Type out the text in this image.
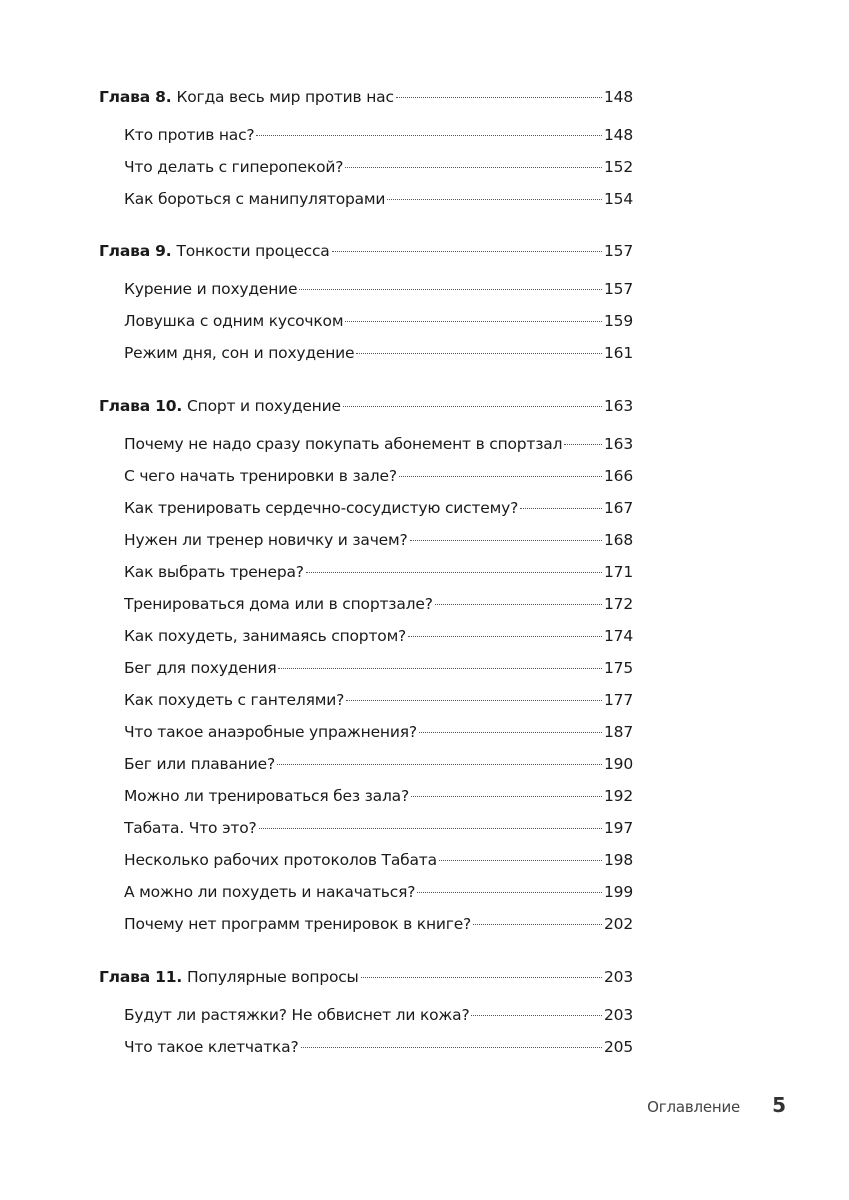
Глава 8. Когда весь мир против нас	148
Кто против нас?	148
Что делать с гиперопекой?	152
Как бороться с манипуляторами	154
Глава 9. Тонкости процесса	157
Курение и похудение	157
Ловушка с одним кусочком	159
Режим дня, сон и похудение	161
Глава 10. Спорт и похудение	163
Почему не надо сразу покупать абонемент в спортзал	163
С чего начать тренировки в зале?	166
Как тренировать сердечно-сосудистую систему?	167
Нужен ли тренер новичку и зачем?	168
Как выбрать тренера?	171
Тренироваться дома или в спортзале?	172
Как похудеть, занимаясь спортом?	174
Бег для похудения	175
Как похудеть с гантелями?	177
Что такое анаэробные упражнения?	187
Бег или плавание?	190
Можно ли тренироваться без зала?	192
Табата. Что это?	197
Несколько рабочих протоколов Табата	198
А можно ли похудеть и накачаться?	199
Почему нет программ тренировок в книге?	202
Глава 11. Популярные вопросы	203
Будут ли растяжки? Не обвиснет ли кожа?	203
Что такое клетчатка?	205
Оглавление 5
